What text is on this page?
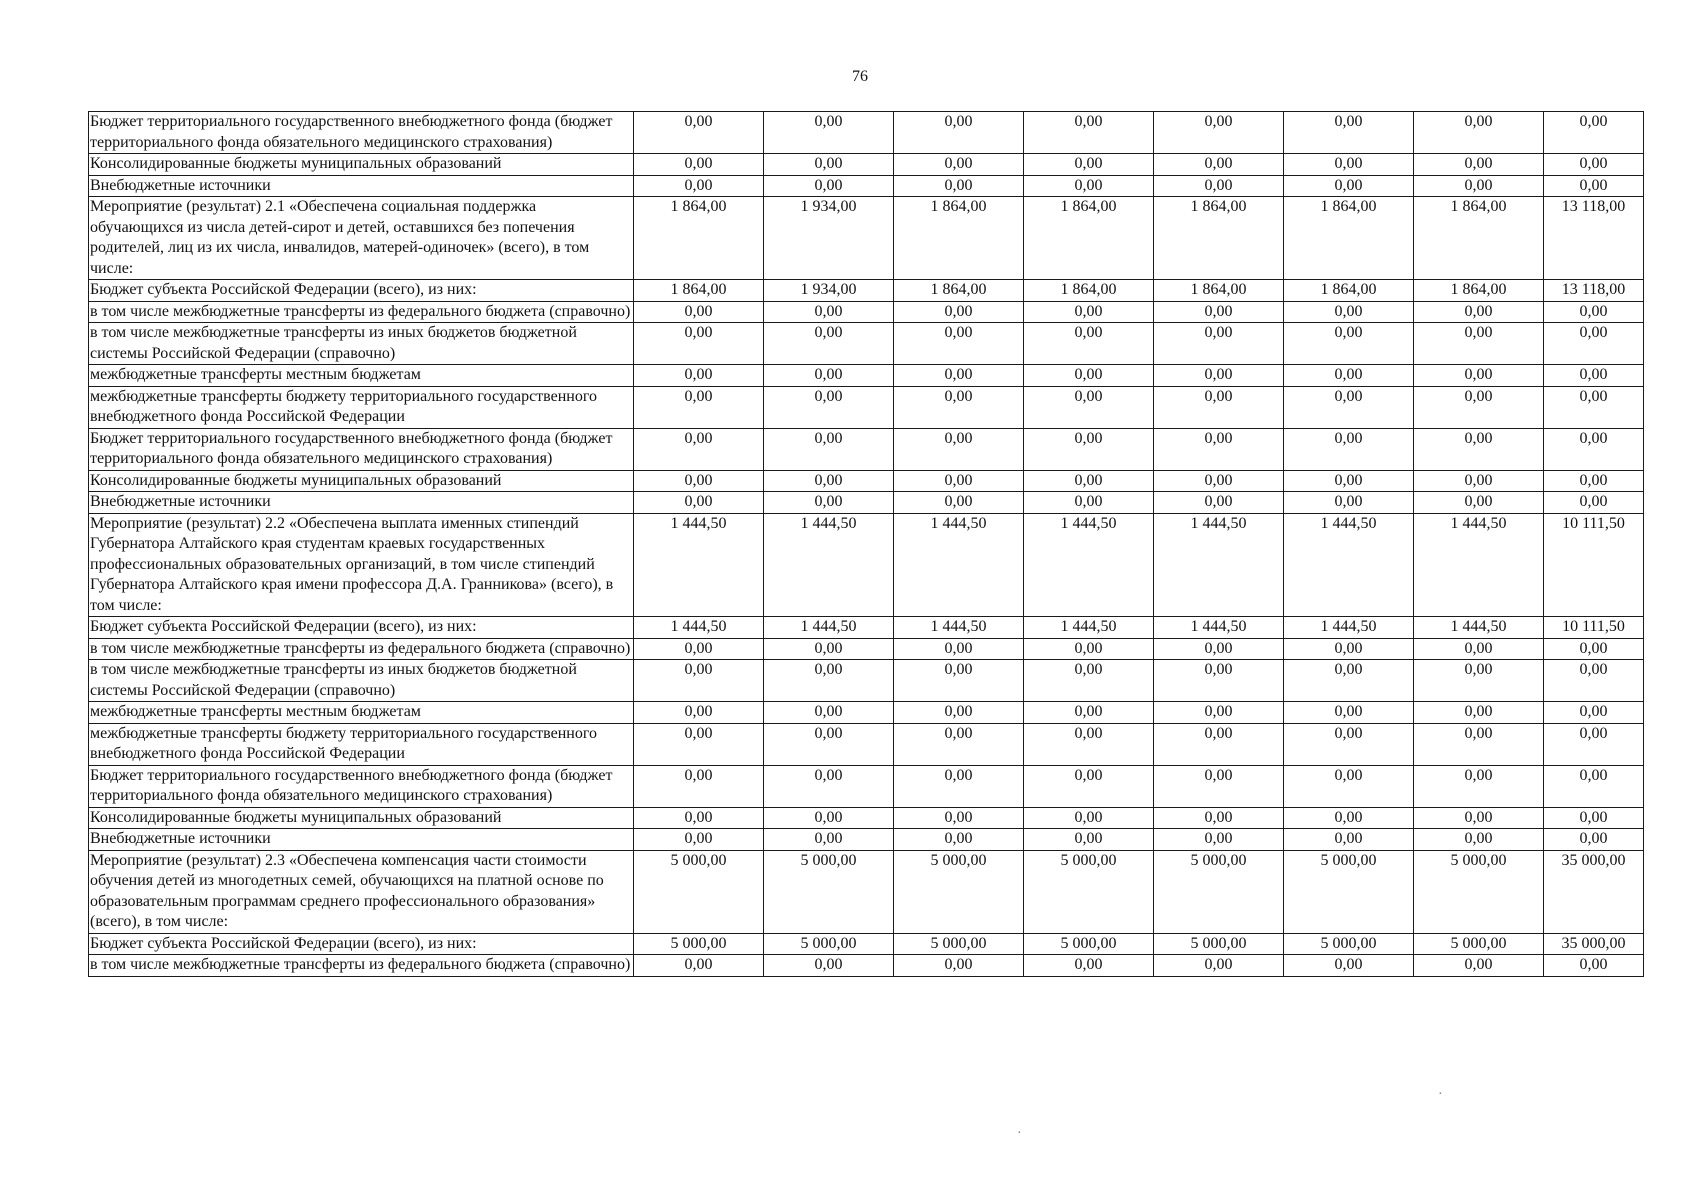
76
Бюджет территориального государственного внебюджетного фонда (бюджет территориального фонда обязательного медицинского страхования)	0,00	0,00	0,00	0,00	0,00	0,00	0,00	0,00
Консолидированные бюджеты муниципальных образований	0,00	0,00	0,00	0,00	0,00	0,00	0,00	0,00
Внебюджетные источники	0,00	0,00	0,00	0,00	0,00	0,00	0,00	0,00
Мероприятие (результат) 2.1 «Обеспечена социальная поддержка обучающихся из числа детей-сирот и детей, оставшихся без попечения родителей, лиц из их числа, инвалидов, матерей-одиночек» (всего), в том числе:	1 864,00	1 934,00	1 864,00	1 864,00	1 864,00	1 864,00	1 864,00	13 118,00
Бюджет субъекта Российской Федерации (всего), из них:	1 864,00	1 934,00	1 864,00	1 864,00	1 864,00	1 864,00	1 864,00	13 118,00
в том числе межбюджетные трансферты из федерального бюджета (справочно)	0,00	0,00	0,00	0,00	0,00	0,00	0,00	0,00
в том числе межбюджетные трансферты из иных бюджетов бюджетной системы Российской Федерации (справочно)	0,00	0,00	0,00	0,00	0,00	0,00	0,00	0,00
межбюджетные трансферты местным бюджетам	0,00	0,00	0,00	0,00	0,00	0,00	0,00	0,00
межбюджетные трансферты бюджету территориального государственного внебюджетного фонда Российской Федерации	0,00	0,00	0,00	0,00	0,00	0,00	0,00	0,00
Бюджет территориального государственного внебюджетного фонда (бюджет территориального фонда обязательного медицинского страхования)	0,00	0,00	0,00	0,00	0,00	0,00	0,00	0,00
Консолидированные бюджеты муниципальных образований	0,00	0,00	0,00	0,00	0,00	0,00	0,00	0,00
Внебюджетные источники	0,00	0,00	0,00	0,00	0,00	0,00	0,00	0,00
Мероприятие (результат) 2.2 «Обеспечена выплата именных стипендий Губернатора Алтайского края студентам краевых государственных профессиональных образовательных организаций, в том числе стипендий Губернатора Алтайского края имени профессора Д.А. Гранникова» (всего), в том числе:	1 444,50	1 444,50	1 444,50	1 444,50	1 444,50	1 444,50	1 444,50	10 111,50
Бюджет субъекта Российской Федерации (всего), из них:	1 444,50	1 444,50	1 444,50	1 444,50	1 444,50	1 444,50	1 444,50	10 111,50
в том числе межбюджетные трансферты из федерального бюджета (справочно)	0,00	0,00	0,00	0,00	0,00	0,00	0,00	0,00
в том числе межбюджетные трансферты из иных бюджетов бюджетной системы Российской Федерации (справочно)	0,00	0,00	0,00	0,00	0,00	0,00	0,00	0,00
межбюджетные трансферты местным бюджетам	0,00	0,00	0,00	0,00	0,00	0,00	0,00	0,00
межбюджетные трансферты бюджету территориального государственного внебюджетного фонда Российской Федерации	0,00	0,00	0,00	0,00	0,00	0,00	0,00	0,00
Бюджет территориального государственного внебюджетного фонда (бюджет территориального фонда обязательного медицинского страхования)	0,00	0,00	0,00	0,00	0,00	0,00	0,00	0,00
Консолидированные бюджеты муниципальных образований	0,00	0,00	0,00	0,00	0,00	0,00	0,00	0,00
Внебюджетные источники	0,00	0,00	0,00	0,00	0,00	0,00	0,00	0,00
Мероприятие (результат) 2.3 «Обеспечена компенсация части стоимости обучения детей из многодетных семей, обучающихся на платной основе по образовательным программам среднего профессионального образования» (всего), в том числе:	5 000,00	5 000,00	5 000,00	5 000,00	5 000,00	5 000,00	5 000,00	35 000,00
Бюджет субъекта Российской Федерации (всего), из них:	5 000,00	5 000,00	5 000,00	5 000,00	5 000,00	5 000,00	5 000,00	35 000,00
в том числе межбюджетные трансферты из федерального бюджета (справочно)	0,00	0,00	0,00	0,00	0,00	0,00	0,00	0,00
·
·
